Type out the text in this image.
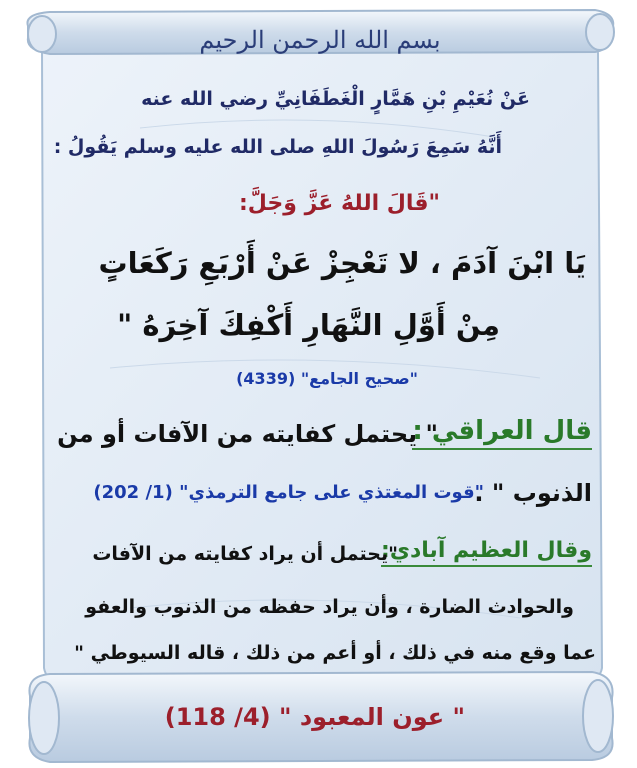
بسم الله الرحمن الرحيم
عَنْ نُعَيْمِ بْنِ هَمَّارٍ الْغَطَفَانِيِّ رضي الله عنه
أَنَّهُ سَمِعَ رَسُولَ اللهِ صلى الله عليه وسلم يَقُولُ :
"قَالَ اللهُ عَزَّ وَجَلَّ:
يَا ابْنَ آدَمَ ، لا تَعْجِزْ عَنْ أَرْبَعِ رَكَعَاتٍ
مِنْ أَوَّلِ النَّهَارِ أَكْفِكَ آخِرَهُ "
"صحيح الجامع" (4339)
قال العراقي :
" يحتمل كفايته من الآفات أو من
الذنوب " .
"قوت المغتذي على جامع الترمذي" (1/ 202)
وقال العظيم آبادي:
"يحتمل أن يراد كفايته من الآفات
والحوادث الضارة ، وأن يراد حفظه من الذنوب والعفو
عما وقع منه في ذلك ، أو أعم من ذلك ، قاله السيوطي "
" عون المعبود " (4/ 118)
